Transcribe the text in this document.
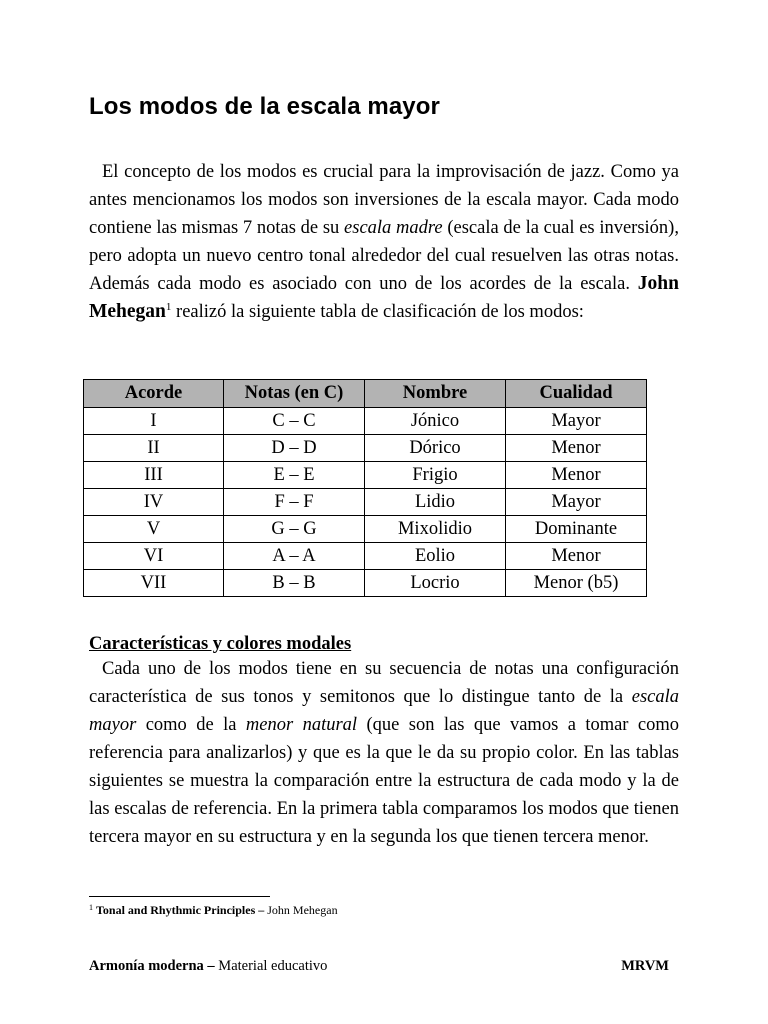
Los modos de la escala mayor

El concepto de los modos es crucial para la improvisación de jazz. Como ya antes mencionamos los modos son inversiones de la escala mayor. Cada modo contiene las mismas 7 notas de su escala madre (escala de la cual es inversión), pero adopta un nuevo centro tonal alrededor del cual resuelven las otras notas. Además cada modo es asociado con uno de los acordes de la escala. John Mehegan$^1$ realizó la siguiente tabla de clasificación de los modos:

Acorde	Notas (en C)	Nombre	Cualidad
I	C – C	Jónico	Mayor
II	D – D	Dórico	Menor
III	E – E	Frigio	Menor
IV	F – F	Lidio	Mayor
V	G – G	Mixolidio	Dominante
VI	A – A	Eolio	Menor
VII	B – B	Locrio	Menor (b5)
Características y colores modales

Cada uno de los modos tiene en su secuencia de notas una configuración característica de sus tonos y semitonos que lo distingue tanto de la escala mayor como de la menor natural (que son las que vamos a tomar como referencia para analizarlos) y que es la que le da su propio color. En las tablas siguientes se muestra la comparación entre la estructura de cada modo y la de las escalas de referencia. En la primera tabla comparamos los modos que tienen tercera mayor en su estructura y en la segunda los que tienen tercera menor.

$^1$ Tonal and Rhythmic Principles – John Mehegan

Armonía moderna – Material educativo	MRVM
